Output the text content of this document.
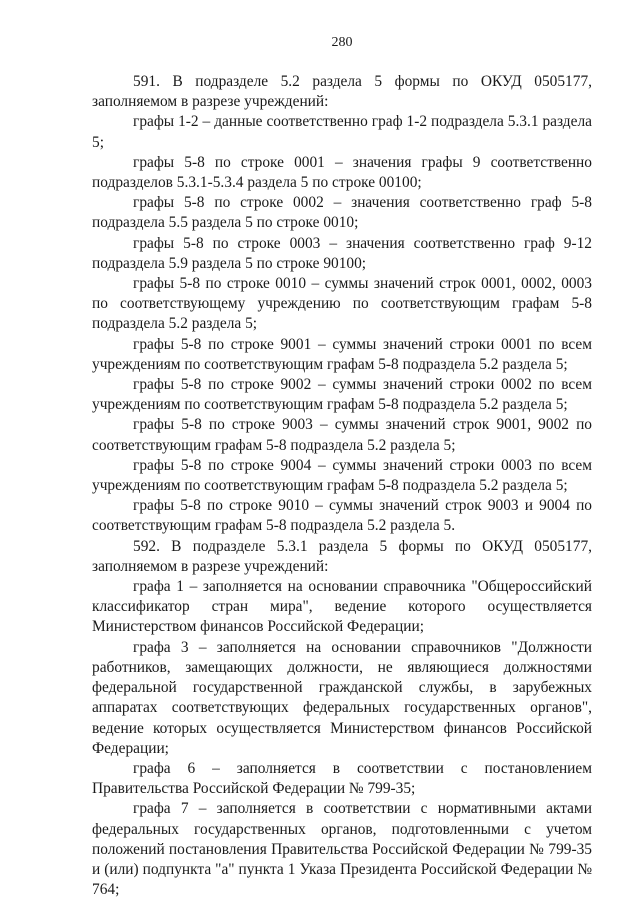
280

591. В подразделе 5.2 раздела 5 формы по ОКУД 0505177, заполняемом в разрезе учреждений:

графы 1-2 – данные соответственно граф 1-2 подраздела 5.3.1 раздела 5;

графы 5-8 по строке 0001 – значения графы 9 соответственно подразделов 5.3.1-5.3.4 раздела 5 по строке 00100;

графы 5-8 по строке 0002 – значения соответственно граф 5-8 подраздела 5.5 раздела 5 по строке 0010;

графы 5-8 по строке 0003 – значения соответственно граф 9-12 подраздела 5.9 раздела 5 по строке 90100;

графы 5-8 по строке 0010 – суммы значений строк 0001, 0002, 0003 по соответствующему учреждению по соответствующим графам 5-8 подраздела 5.2 раздела 5;

графы 5-8 по строке 9001 – суммы значений строки 0001 по всем учреждениям по соответствующим графам 5-8 подраздела 5.2 раздела 5;

графы 5-8 по строке 9002 – суммы значений строки 0002 по всем учреждениям по соответствующим графам 5-8 подраздела 5.2 раздела 5;

графы 5-8 по строке 9003 – суммы значений строк 9001, 9002 по соответствующим графам 5-8 подраздела 5.2 раздела 5;

графы 5-8 по строке 9004 – суммы значений строки 0003 по всем учреждениям по соответствующим графам 5-8 подраздела 5.2 раздела 5;

графы 5-8 по строке 9010 – суммы значений строк 9003 и 9004 по соответствующим графам 5-8 подраздела 5.2 раздела 5.

592. В подразделе 5.3.1 раздела 5 формы по ОКУД 0505177, заполняемом в разрезе учреждений:

графа 1 – заполняется на основании справочника "Общероссийский классификатор стран мира", ведение которого осуществляется Министерством финансов Российской Федерации;

графа 3 – заполняется на основании справочников "Должности работников, замещающих должности, не являющиеся должностями федеральной государственной гражданской службы, в зарубежных аппаратах соответствующих федеральных государственных органов", ведение которых осуществляется Министерством финансов Российской Федерации;

графа 6 – заполняется в соответствии с постановлением Правительства Российской Федерации № 799-35;

графа 7 – заполняется в соответствии с нормативными актами федеральных государственных органов, подготовленными с учетом положений постановления Правительства Российской Федерации № 799-35 и (или) подпункта "а" пункта 1 Указа Президента Российской Федерации № 764;
